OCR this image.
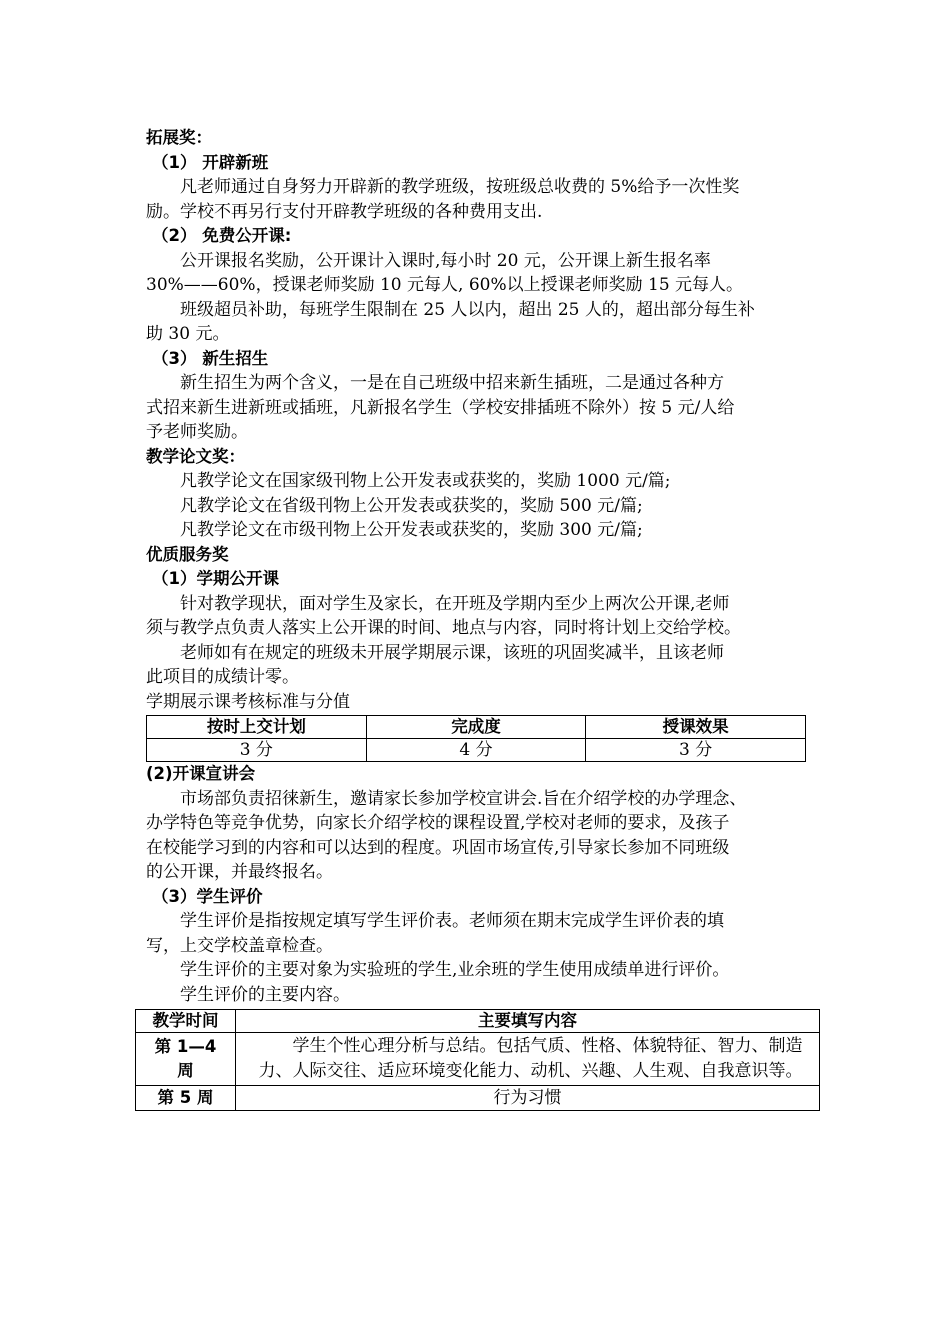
拓展奖：

（1） 开辟新班

凡老师通过自身努力开辟新的教学班级，按班级总收费的 5%给予一次性奖

励。学校不再另行支付开辟教学班级的各种费用支出.

（2） 免费公开课:

公开课报名奖励，公开课计入课时,每小时 20 元，公开课上新生报名率

30%——60%，授课老师奖励 10 元每人, 60%以上授课老师奖励 15 元每人。

班级超员补助，每班学生限制在 25 人以内，超出 25 人的，超出部分每生补

助 30 元。

（3） 新生招生

新生招生为两个含义，一是在自己班级中招来新生插班，二是通过各种方

式招来新生进新班或插班，凡新报名学生（学校安排插班不除外）按 5 元/人给

予老师奖励。

教学论文奖：

凡教学论文在国家级刊物上公开发表或获奖的，奖励 1000 元/篇;

凡教学论文在省级刊物上公开发表或获奖的，奖励 500 元/篇;

凡教学论文在市级刊物上公开发表或获奖的，奖励 300 元/篇;

优质服务奖

（1）学期公开课

针对教学现状，面对学生及家长，在开班及学期内至少上两次公开课,老师

须与教学点负责人落实上公开课的时间、地点与内容，同时将计划上交给学校。

老师如有在规定的班级未开展学期展示课，该班的巩固奖减半，且该老师

此项目的成绩计零。

学期展示课考核标准与分值

按时上交计划	完成度	授课效果
3 分	4 分	3 分

(2)开课宣讲会

市场部负责招徕新生，邀请家长参加学校宣讲会.旨在介绍学校的办学理念、

办学特色等竞争优势，向家长介绍学校的课程设置,学校对老师的要求，及孩子

在校能学习到的内容和可以达到的程度。巩固市场宣传,引导家长参加不同班级

的公开课，并最终报名。

（3）学生评价

学生评价是指按规定填写学生评价表。老师须在期末完成学生评价表的填

写，上交学校盖章检查。

学生评价的主要对象为实验班的学生,业余班的学生使用成绩单进行评价。

学生评价的主要内容。

教学时间	主要填写内容
第 1—4
周	学生个性心理分析与总结。包括气质、性格、体貌特征、智力、制造力、人际交往、适应环境变化能力、动机、兴趣、人生观、自我意识等。
第 5 周	行为习惯
